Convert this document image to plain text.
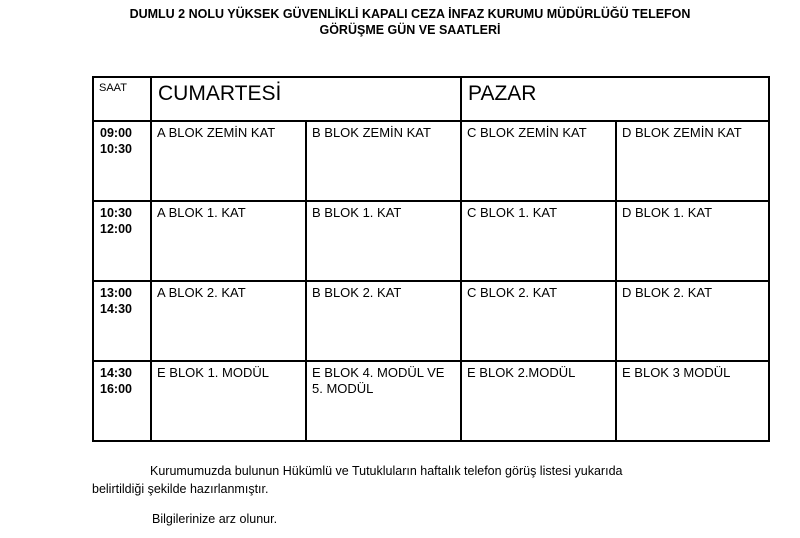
DUMLU 2 NOLU YÜKSEK GÜVENLİKLİ KAPALI CEZA İNFAZ KURUMU MÜDÜRLÜĞÜ TELEFON
GÖRÜŞME GÜN VE SAATLERİ
SAAT	CUMARTESİ		PAZAR	

09:00
10:30	A BLOK ZEMİN KAT	B BLOK ZEMİN KAT	C BLOK ZEMİN KAT	D BLOK ZEMİN KAT

10:30
12:00	A BLOK 1. KAT	B BLOK 1. KAT	C BLOK 1. KAT	D BLOK 1. KAT

13:00
14:30	A BLOK 2. KAT	B BLOK 2. KAT	C BLOK 2. KAT	D BLOK 2. KAT

14:30
16:00	E BLOK 1. MODÜL	E BLOK 4. MODÜL VE 5. MODÜL	E BLOK 2.MODÜL	E BLOK 3 MODÜL

Kurumumuzda bulunun Hükümlü ve Tutukluların haftalık telefon görüş listesi yukarıda

belirtildiği şekilde hazırlanmıştır.

Bilgilerinize arz olunur.
